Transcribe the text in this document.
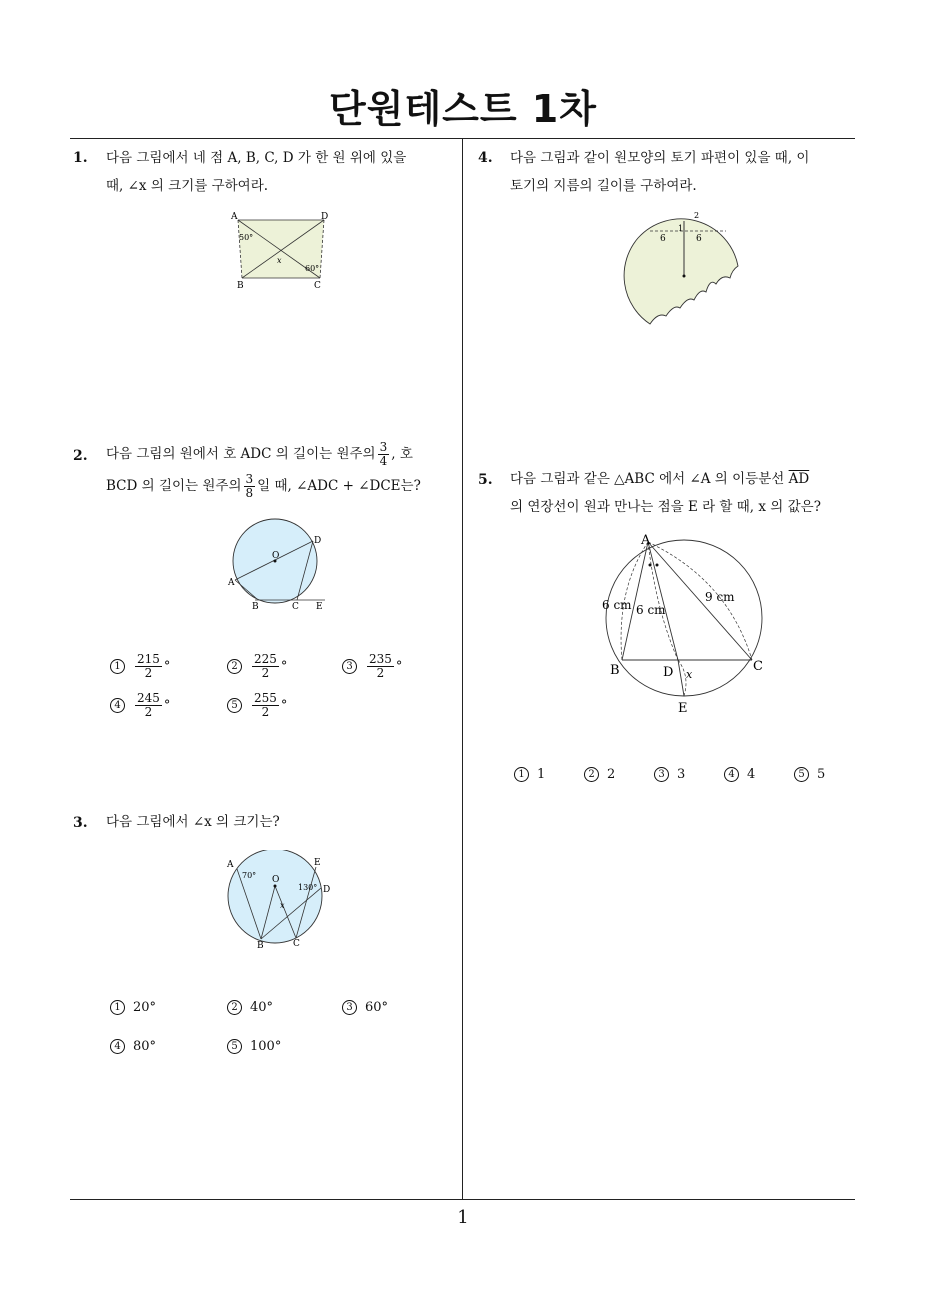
단원테스트 1차
1
1. 다음 그림에서 네 점 A, B, C, D 가 한 원 위에 있을
때, ∠x 의 크기를 구하여라.
A	D
B	C
50°
60°
x
2. 다음 그림의 원에서 호 ADC 의 길이는 원주의 $\frac{3}{4}$ , 호
BCD 의 길이는 원주의 $\frac{3}{8}$ 일 때, ∠ADC + ∠DCE는?
O
A
B	C
D
E
$1 \frac{215}{2}$ °	$2 \frac{225}{2}$ °	$3 \frac{235}{2}$ °
$4 \frac{245}{2}$ °	$5 \frac{255}{2}$ °
3. 다음 그림에서 ∠x 의 크기는?
A	E
D
B	C
O
70°
130°
x
1 20°	2 40°	3 60°
4 80°	5 100°
4. 다음 그림과 같이 원모양의 토기 파편이 있을 때, 이
토기의 지름의 길이를 구하여라.
6	6
2
1
5. 다음 그림과 같은 △ABC 에서 ∠A 의 이등분선 $\overline{AD}$
의 연장선이 원과 만나는 점을 E 라 할 때, x 의 값은?
A
B	C
D
E
6 cm 6 cm
9 cm
x
1 1	2 2	3 3	4 4	5 5
